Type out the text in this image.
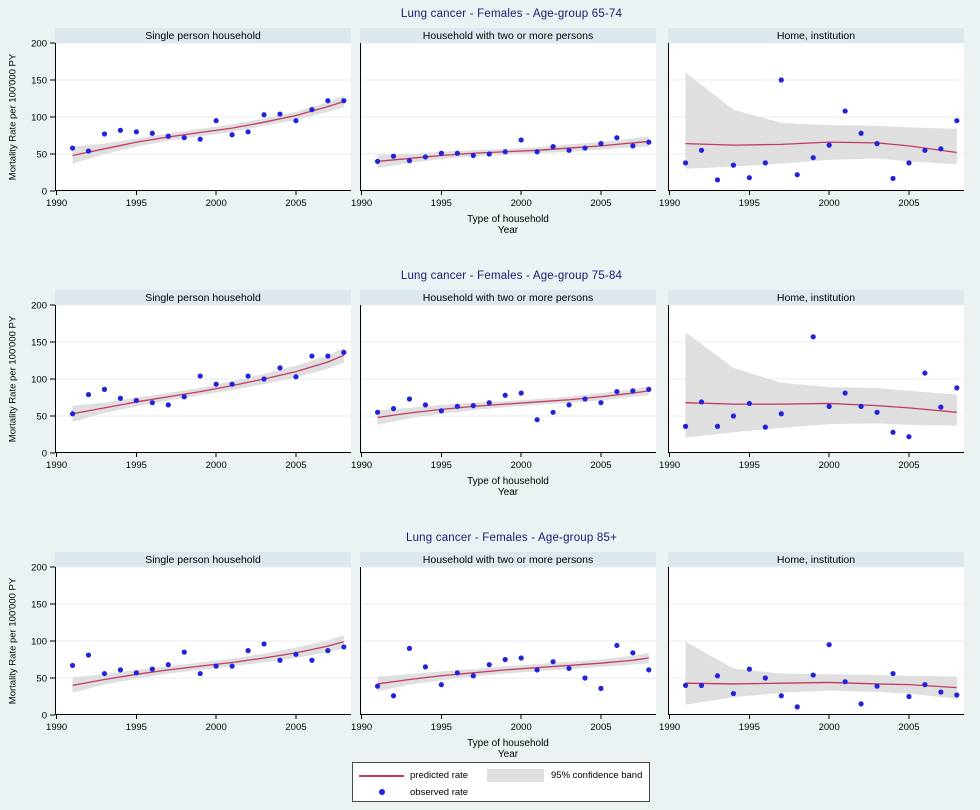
Lung cancer - Females - Age-group 65-74
Mortality Rate per 100'000 PY
Single person household
1990	1995	2000	2005
0
50
100
150
200
Household with two or more persons
1990	1995	2000	2005
Home, institution
1990	1995	2000	2005
Type of household
Year
Lung cancer - Females - Age-group 75-84
Mortality Rate per 100'000 PY
Single person household
1990	1995	2000	2005
0
50
100
150
200
Household with two or more persons
1990	1995	2000	2005
Home, institution
1990	1995	2000	2005
Type of household
Year
Lung cancer - Females - Age-group 85+
Mortality Rate per 100'000 PY
Single person household
1990	1995	2000	2005
0
50
100
150
200
Household with two or more persons
1990	1995	2000	2005
Home, institution
1990	1995	2000	2005
Type of household
Year
predicted rate	95% confidence band
observed rate
